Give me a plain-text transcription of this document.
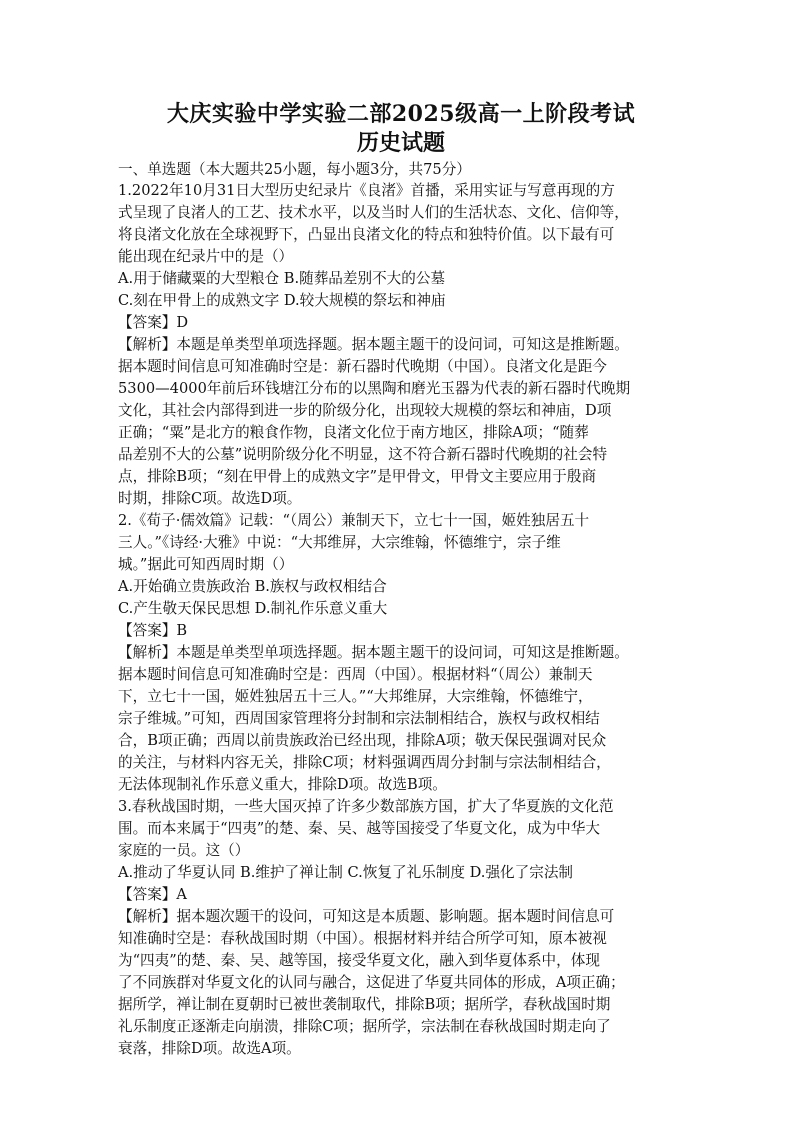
大庆实验中学实验二部2025级高一上阶段考试
历史试题

一、单选题（本大题共25小题，每小题3分，共75分）

1.2022年10月31日大型历史纪录片《良渚》首播，采用实证与写意再现的方

式呈现了良渚人的工艺、技术水平，以及当时人们的生活状态、文化、信仰等，

将良渚文化放在全球视野下，凸显出良渚文化的特点和独特价值。以下最有可

能出现在纪录片中的是（）

A.用于储藏粟的大型粮仓 B.随葬品差别不大的公墓

C.刻在甲骨上的成熟文字 D.较大规模的祭坛和神庙

【答案】D

【解析】本题是单类型单项选择题。据本题主题干的设问词，可知这是推断题。

据本题时间信息可知准确时空是：新石器时代晚期（中国）。良渚文化是距今

5300—4000年前后环钱塘江分布的以黑陶和磨光玉器为代表的新石器时代晚期

文化，其社会内部得到进一步的阶级分化，出现较大规模的祭坛和神庙，D项

正确；“粟”是北方的粮食作物，良渚文化位于南方地区，排除A项；“随葬

品差别不大的公墓”说明阶级分化不明显，这不符合新石器时代晚期的社会特

点，排除B项；“刻在甲骨上的成熟文字”是甲骨文，甲骨文主要应用于殷商

时期，排除C项。故选D项。

2.《荀子·儒效篇》记载：“（周公）兼制天下，立七十一国，姬姓独居五十

三人。”《诗经·大雅》中说：“大邦维屏，大宗维翰，怀德维宁，宗子维

城。”据此可知西周时期（）

A.开始确立贵族政治 B.族权与政权相结合

C.产生敬天保民思想 D.制礼作乐意义重大

【答案】B

【解析】本题是单类型单项选择题。据本题主题干的设问词，可知这是推断题。

据本题时间信息可知准确时空是：西周（中国）。根据材料“（周公）兼制天

下，立七十一国，姬姓独居五十三人。”“大邦维屏，大宗维翰，怀德维宁，

宗子维城。”可知，西周国家管理将分封制和宗法制相结合，族权与政权相结

合，B项正确；西周以前贵族政治已经出现，排除A项；敬天保民强调对民众

的关注，与材料内容无关，排除C项；材料强调西周分封制与宗法制相结合，

无法体现制礼作乐意义重大，排除D项。故选B项。

3.春秋战国时期，一些大国灭掉了许多少数部族方国，扩大了华夏族的文化范

围。而本来属于“四夷”的楚、秦、吴、越等国接受了华夏文化，成为中华大

家庭的一员。这（）

A.推动了华夏认同 B.维护了禅让制 C.恢复了礼乐制度 D.强化了宗法制

【答案】A

【解析】据本题次题干的设问，可知这是本质题、影响题。据本题时间信息可

知准确时空是：春秋战国时期（中国）。根据材料并结合所学可知，原本被视

为“四夷”的楚、秦、吴、越等国，接受华夏文化，融入到华夏体系中，体现

了不同族群对华夏文化的认同与融合，这促进了华夏共同体的形成，A项正确；

据所学，禅让制在夏朝时已被世袭制取代，排除B项；据所学，春秋战国时期

礼乐制度正逐渐走向崩溃，排除C项；据所学，宗法制在春秋战国时期走向了

衰落，排除D项。故选A项。
